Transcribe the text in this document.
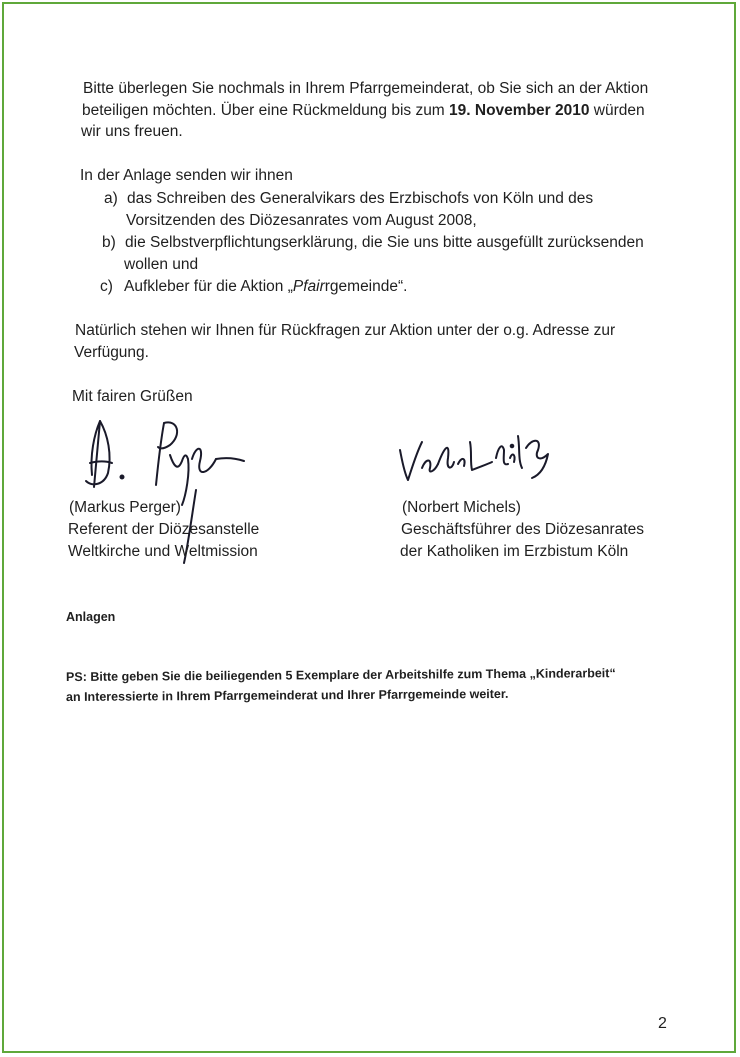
Bitte überlegen Sie nochmals in Ihrem Pfarrgemeinderat, ob Sie sich an der Aktion
beteiligen möchten. Über eine Rückmeldung bis zum 19. November 2010 würden
wir uns freuen.
In der Anlage senden wir ihnen
a) das Schreiben des Generalvikars des Erzbischofs von Köln und des
Vorsitzenden des Diözesanrates vom August 2008,
b) die Selbstverpflichtungserklärung, die Sie uns bitte ausgefüllt zurücksenden
wollen und
c) Aufkleber für die Aktion „Pfairrgemeinde“.
Natürlich stehen wir Ihnen für Rückfragen zur Aktion unter der o.g. Adresse zur
Verfügung.
Mit fairen Grüßen
(Markus Perger)
Referent der Diözesanstelle
Weltkirche und Weltmission
(Norbert Michels)
Geschäftsführer des Diözesanrates
der Katholiken im Erzbistum Köln
Anlagen
PS: Bitte geben Sie die beiliegenden 5 Exemplare der Arbeitshilfe zum Thema „Kinderarbeit“
an Interessierte in Ihrem Pfarrgemeinderat und Ihrer Pfarrgemeinde weiter.
2
